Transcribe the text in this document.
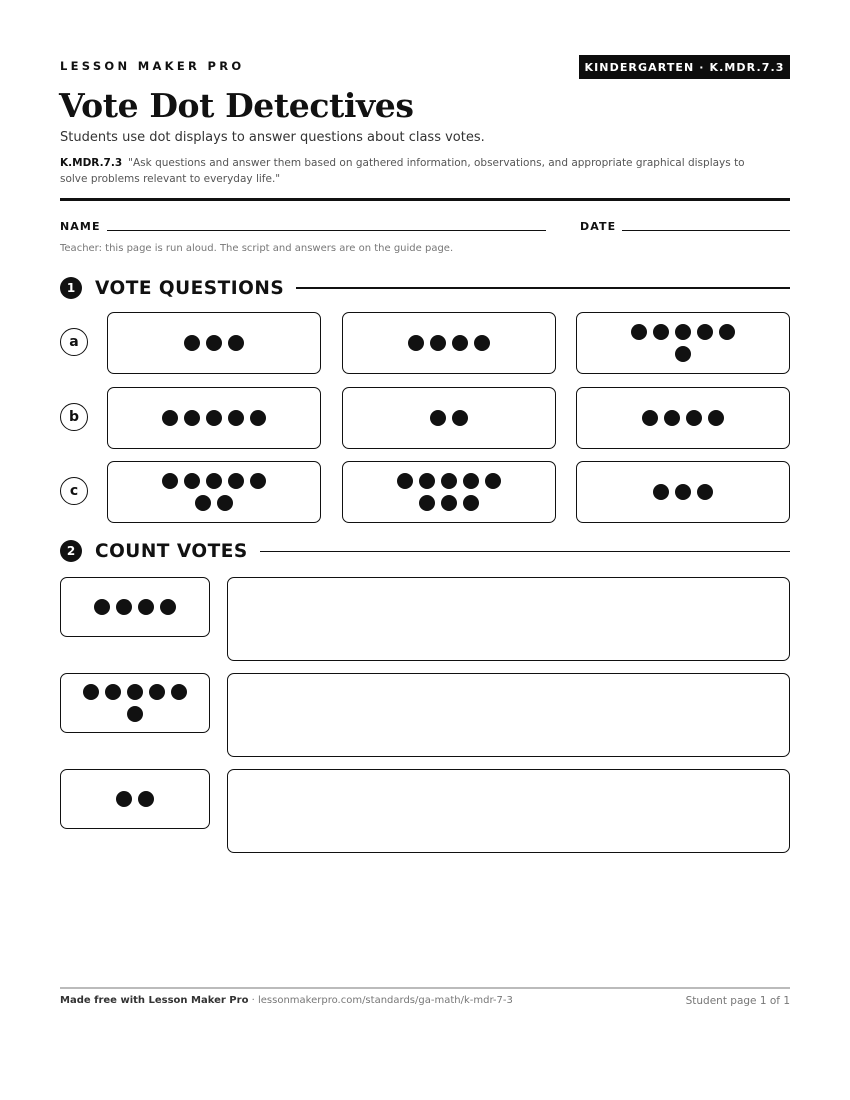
LESSON MAKER PRO	KINDERGARTEN · K.MDR.7.3
Vote Dot Detectives
Students use dot displays to answer questions about class votes.
K.MDR.7.3 "Ask questions and answer them based on gathered information, observations, and appropriate graphical displays to solve problems relevant to everyday life."
NAME	DATE
Teacher: this page is run aloud. The script and answers are on the guide page.
1	VOTE QUESTIONS
a
b
c
2	COUNT VOTES
Made free with Lesson Maker Pro · lessonmakerpro.com/standards/ga-math/k-mdr-7-3	Student page 1 of 1
